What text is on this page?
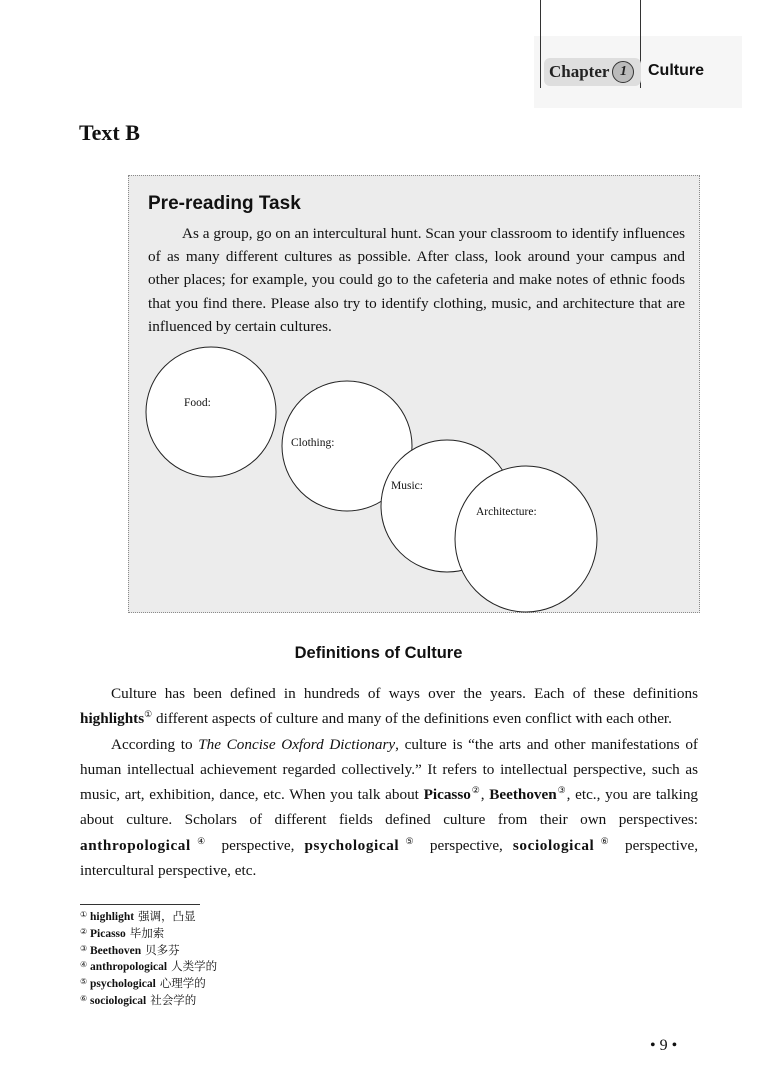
Chapter 1	Culture
Text B
Pre-reading Task
As a group, go on an intercultural hunt. Scan your classroom to identify influences of as many different cultures as possible. After class, look around your campus and other places; for example, you could go to the cafeteria and make notes of ethnic foods that you find there. Please also try to identify clothing, music, and architecture that are influenced by certain cultures.
Food:
Clothing:
Music:
Architecture:
Definitions of Culture

Culture has been defined in hundreds of ways over the years. Each of these definitions highlights① different aspects of culture and many of the definitions even conflict with each other.

According to The Concise Oxford Dictionary, culture is “the arts and other manifestations of human intellectual achievement regarded collectively.” It refers to intellectual perspective, such as music, art, exhibition, dance, etc. When you talk about Picasso②, Beethoven③, etc., you are talking about culture. Scholars of different fields defined culture from their own perspectives: anthropological④ perspective, psychological⑤ perspective, sociological⑥ perspective, intercultural perspective, etc.

① highlight 强调，凸显
② Picasso 毕加索
③ Beethoven 贝多芬
④ anthropological 人类学的
⑤ psychological 心理学的
⑥ sociological 社会学的
• 9 •
